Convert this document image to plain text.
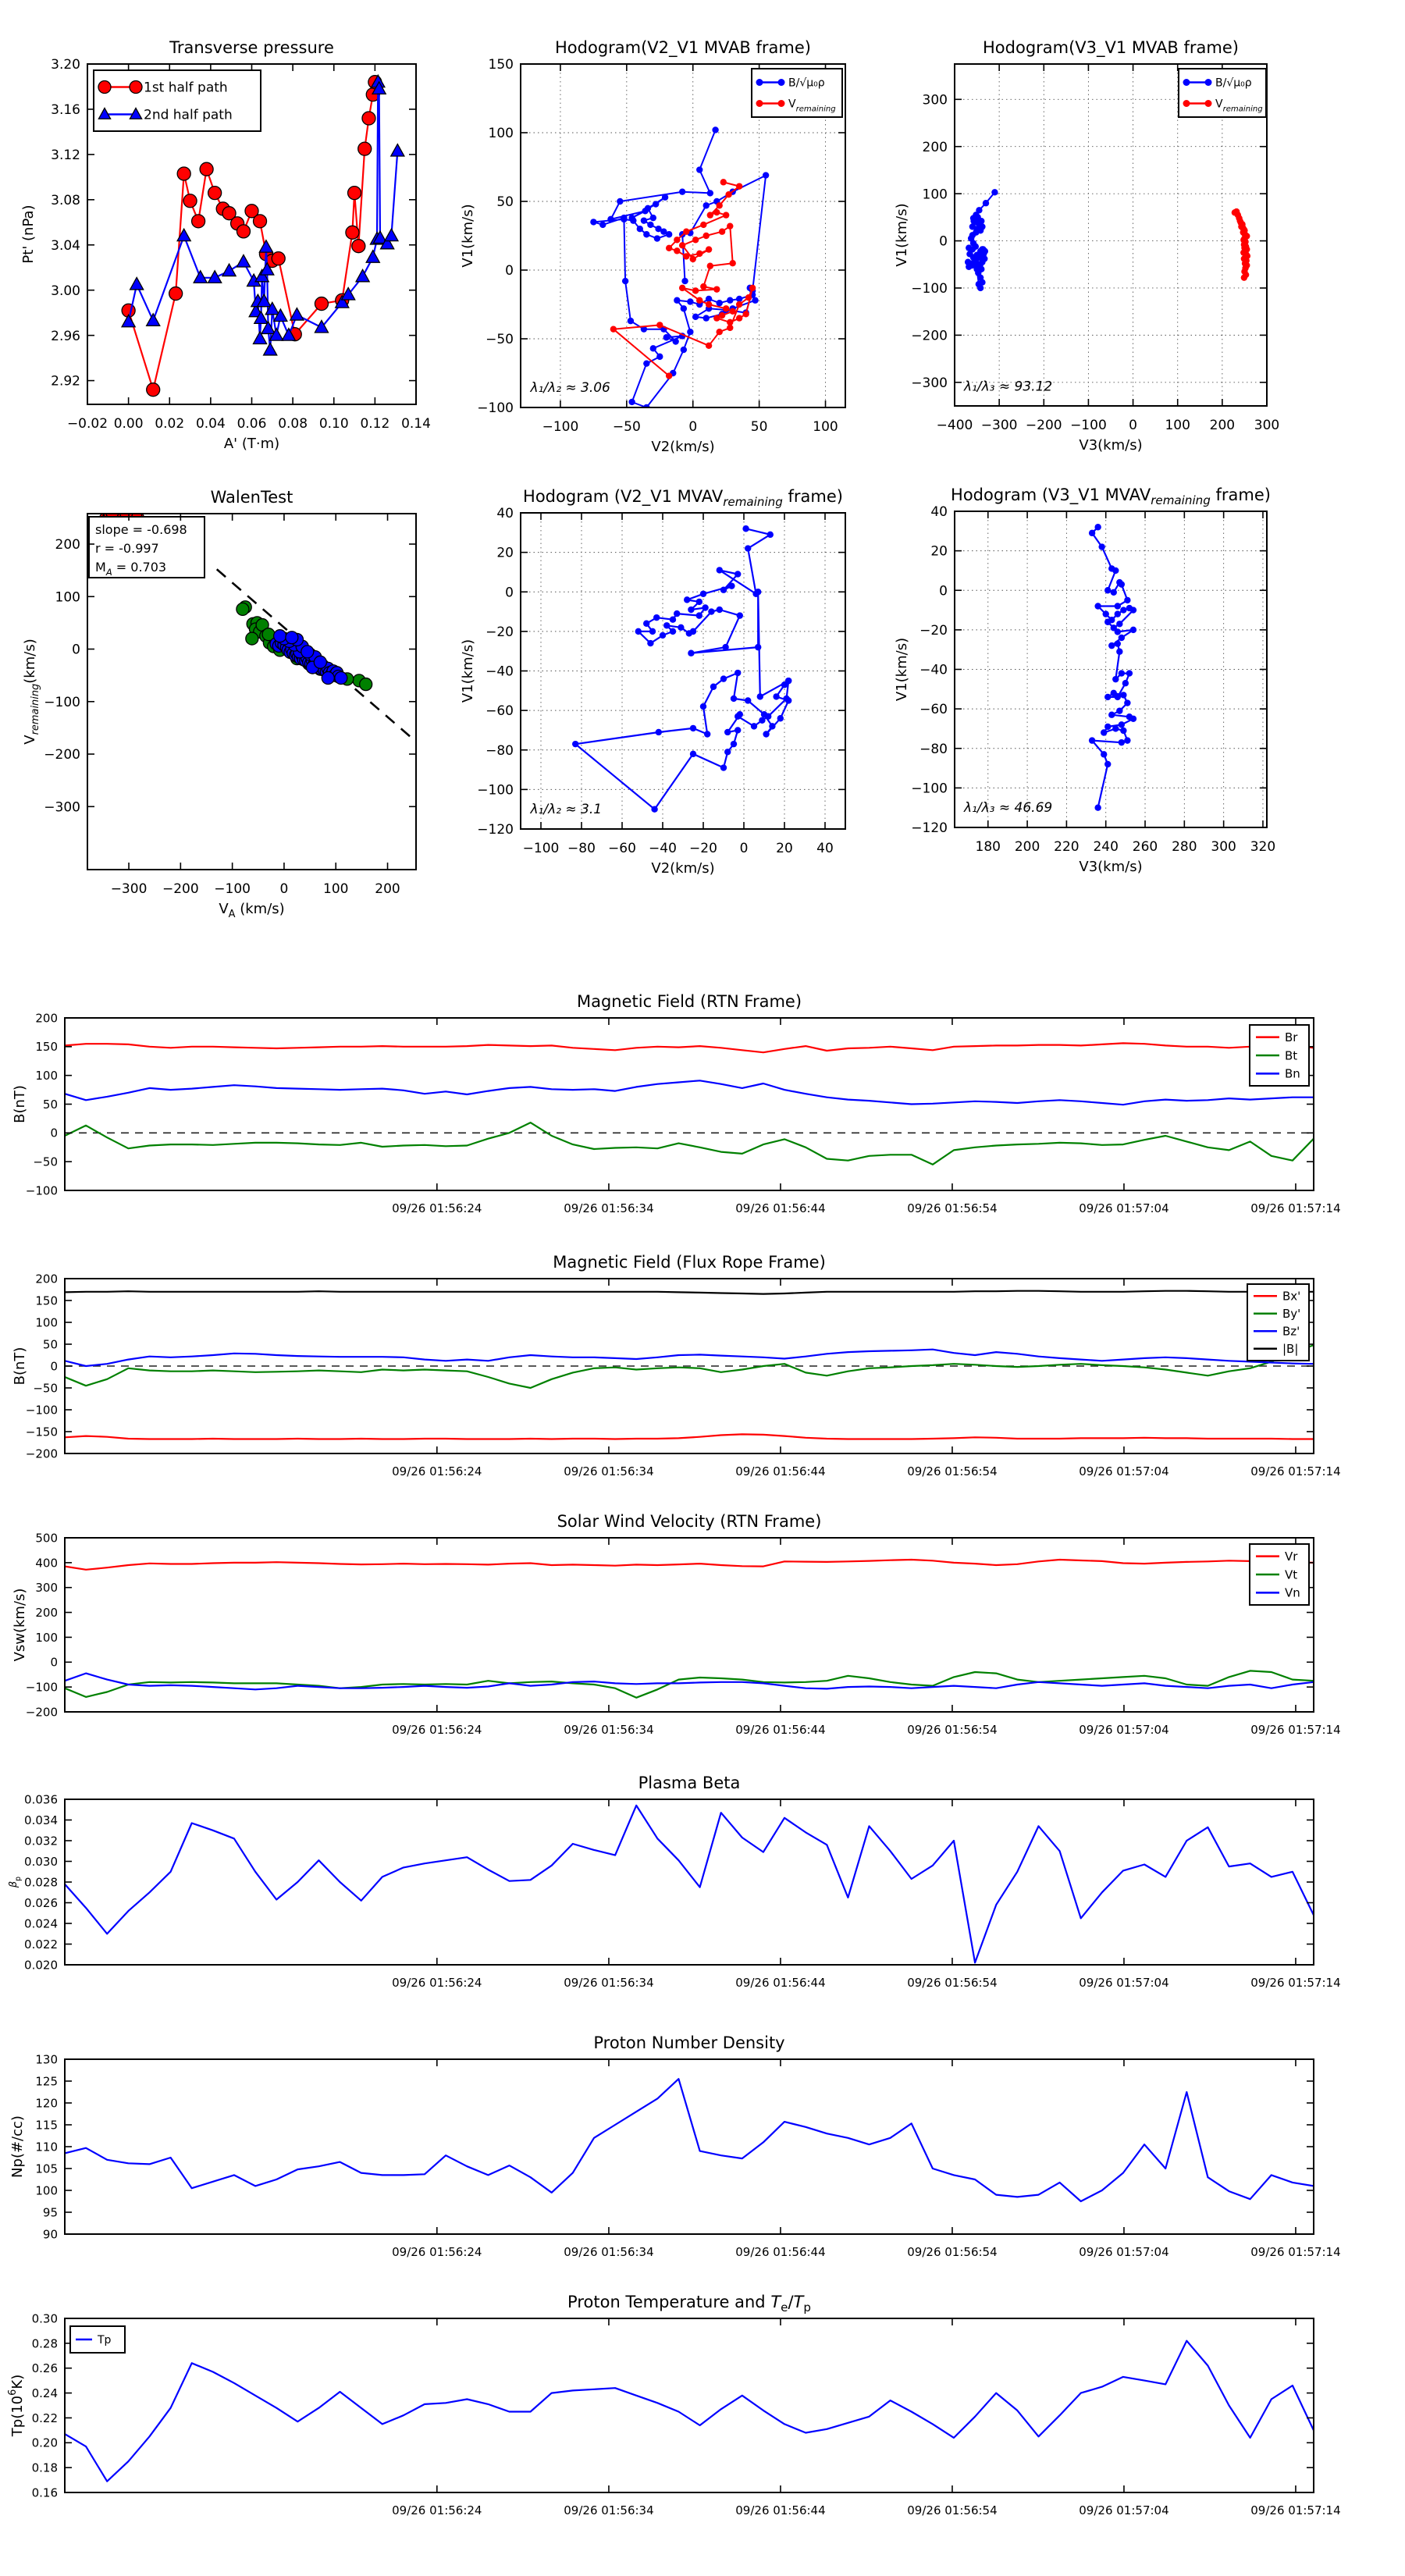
−0.02 0.00 0.02 0.04 0.06 0.08 0.10 0.12 0.14
2.92
2.96
3.00
3.04
3.08
3.12
3.16
3.20
Transverse pressure
A' (T·m)
Pt' (nPa)
1st half path
2nd half path
−100	−50	0	50	100
−100
−50
0
50
100
150
Hodogram(V2_V1 MVAB frame)
V2(km/s)
V1(km/s)
λ₁/λ₂ ≈ 3.06
B/√μ₀ρ
$V_{remaining}$
−400 −300 −200 −100 0 100 200 300
−300
−200
−100
0
100
200
300
Hodogram(V3_V1 MVAB frame)
V3(km/s)
V1(km/s)
λ₁/λ₃ ≈ 93.12
B/√μ₀ρ
$V_{remaining}$
slope = -0.698
r = -0.997
$M_A = 0.703$
−300 −200 −100 0	100 200
−300
−200
−100
0
100
200
WalenTest
$V_A$ (km/s)
$V_{remaining}(km/s)$
−100 −80 −60 −40 −20 0 20 40
−120
−100
−80
−60
−40
−20
0
20
40
Hodogram (V2_V1 $MVAV_{remaining}$ frame)
V2(km/s)
V1(km/s)
λ₁/λ₂ ≈ 3.1
180 200 220 240 260 280 300 320
−120
−100
−80
−60
−40
−20
0
20
40
Hodogram (V3_V1 $MVAV_{remaining}$ frame)
V3(km/s)
V1(km/s)
λ₁/λ₃ ≈ 46.69
09/26 01:56:24	09/26 01:56:34	09/26 01:56:44	09/26 01:56:54	09/26 01:57:04	09/26 01:57:14
−100
−50
0
50
100
150
200
Magnetic Field (RTN Frame)
B(nT)
Br
Bt
Bn
09/26 01:56:24	09/26 01:56:34	09/26 01:56:44	09/26 01:56:54	09/26 01:57:04	09/26 01:57:14
−200
−150
−100
−50
0
50
100
150
200
Magnetic Field (Flux Rope Frame)
B(nT)
Bx'
By'
Bz'
|B|
09/26 01:56:24	09/26 01:56:34	09/26 01:56:44	09/26 01:56:54	09/26 01:57:04	09/26 01:57:14
−200
−100
0
100
200
300
400
500
Solar Wind Velocity (RTN Frame)
Vsw(km/s)
Vr
Vt
Vn
09/26 01:56:24	09/26 01:56:34	09/26 01:56:44	09/26 01:56:54	09/26 01:57:04	09/26 01:57:14
0.020
0.022
0.024
0.026
0.028
0.030
0.032
0.034
0.036
Plasma Beta
$\beta_p$
09/26 01:56:24	09/26 01:56:34	09/26 01:56:44	09/26 01:56:54	09/26 01:57:04	09/26 01:57:14
90
95
100
105
110
115
120
125
130
Proton Number Density
Np(#/cc)
09/26 01:56:24	09/26 01:56:34	09/26 01:56:44	09/26 01:56:54	09/26 01:57:04	09/26 01:57:14
0.16
0.18
0.20
0.22
0.24
0.26
0.28
0.30
Proton Temperature and $T_e/T_p$
$Tp(10^6K)$
Tp
